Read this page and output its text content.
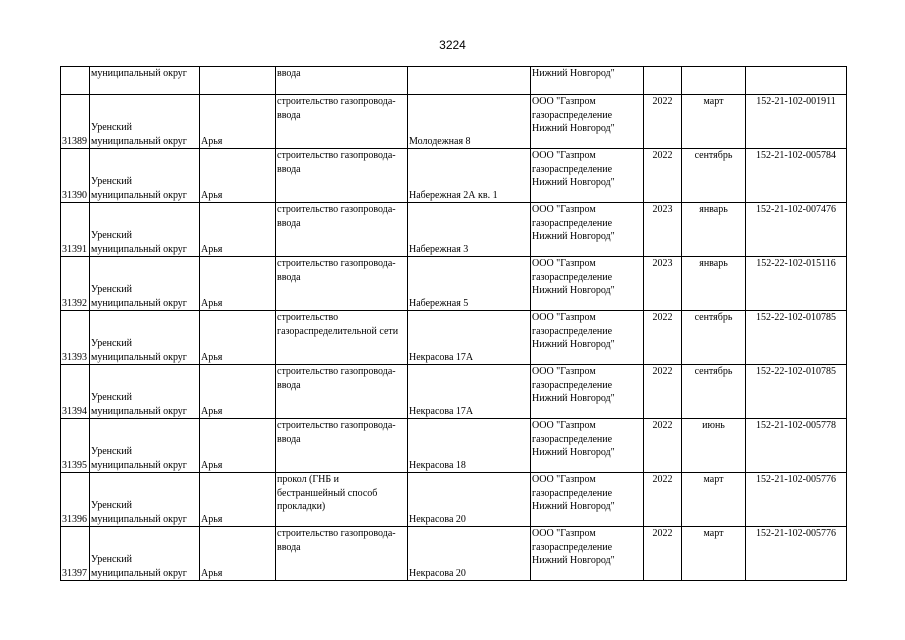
3224
	муниципальный округ		ввода		Нижний Новгород"			
31389	Уренский
муниципальный округ	Арья	строительство газопровода-
ввода	Молодежная 8	ООО "Газпром
газораспределение
Нижний Новгород"	2022	март	152-21-102-001911
31390	Уренский
муниципальный округ	Арья	строительство газопровода-
ввода	Набережная 2А кв. 1	ООО "Газпром
газораспределение
Нижний Новгород"	2022	сентябрь	152-21-102-005784
31391	Уренский
муниципальный округ	Арья	строительство газопровода-
ввода	Набережная 3	ООО "Газпром
газораспределение
Нижний Новгород"	2023	январь	152-21-102-007476
31392	Уренский
муниципальный округ	Арья	строительство газопровода-
ввода	Набережная 5	ООО "Газпром
газораспределение
Нижний Новгород"	2023	январь	152-22-102-015116
31393	Уренский
муниципальный округ	Арья	строительство
газораспределительной сети	Некрасова 17А	ООО "Газпром
газораспределение
Нижний Новгород"	2022	сентябрь	152-22-102-010785
31394	Уренский
муниципальный округ	Арья	строительство газопровода-
ввода	Некрасова 17А	ООО "Газпром
газораспределение
Нижний Новгород"	2022	сентябрь	152-22-102-010785
31395	Уренский
муниципальный округ	Арья	строительство газопровода-
ввода	Некрасова 18	ООО "Газпром
газораспределение
Нижний Новгород"	2022	июнь	152-21-102-005778
31396	Уренский
муниципальный округ	Арья	прокол (ГНБ и
бестраншейный способ
прокладки)	Некрасова 20	ООО "Газпром
газораспределение
Нижний Новгород"	2022	март	152-21-102-005776
31397	Уренский
муниципальный округ	Арья	строительство газопровода-
ввода	Некрасова 20	ООО "Газпром
газораспределение
Нижний Новгород"	2022	март	152-21-102-005776
